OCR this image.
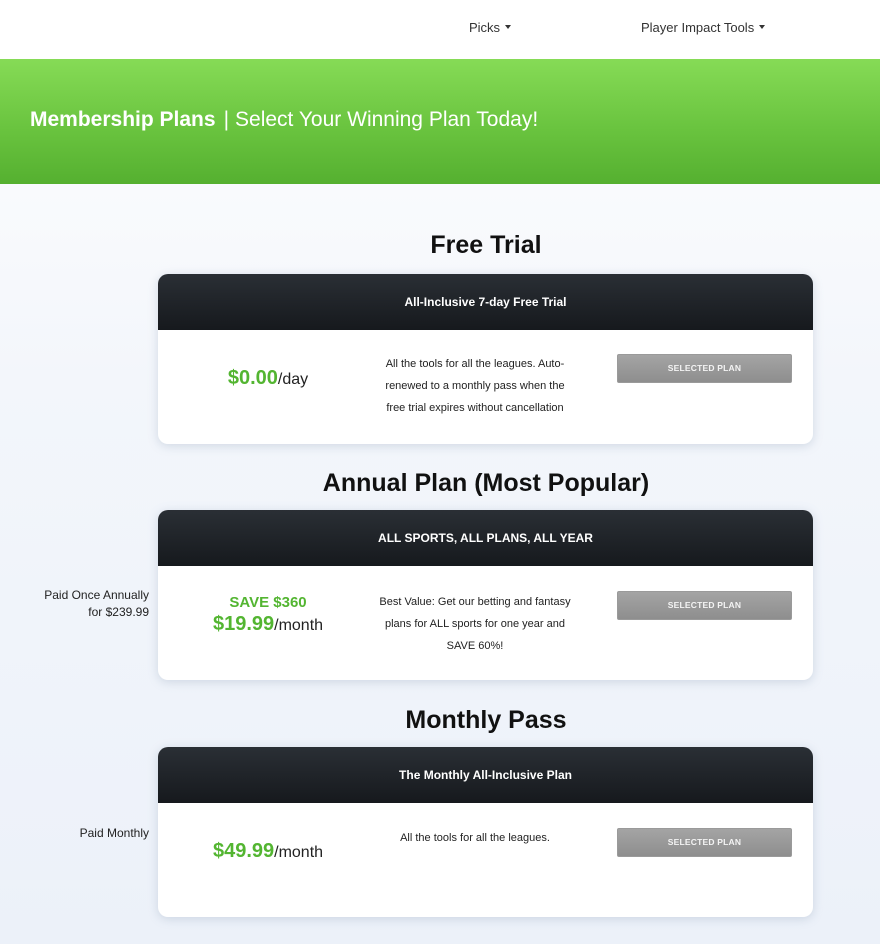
Picks	Player Impact Tools
Membership Plans | Select Your Winning Plan Today!
Free Trial
All-Inclusive 7-day Free Trial
$0.00/day
All the tools for all the leagues. Auto-renewed to a monthly pass when the free trial expires without cancellation
SELECTED PLAN
Annual Plan (Most Popular)
Paid Once Annually
for $239.99
ALL SPORTS, ALL PLANS, ALL YEAR
SAVE $360
$19.99/month
Best Value: Get our betting and fantasy plans for ALL sports for one year and SAVE 60%!
SELECTED PLAN
Monthly Pass
Paid Monthly
The Monthly All-Inclusive Plan
$49.99/month
All the tools for all the leagues.	SELECTED PLAN
